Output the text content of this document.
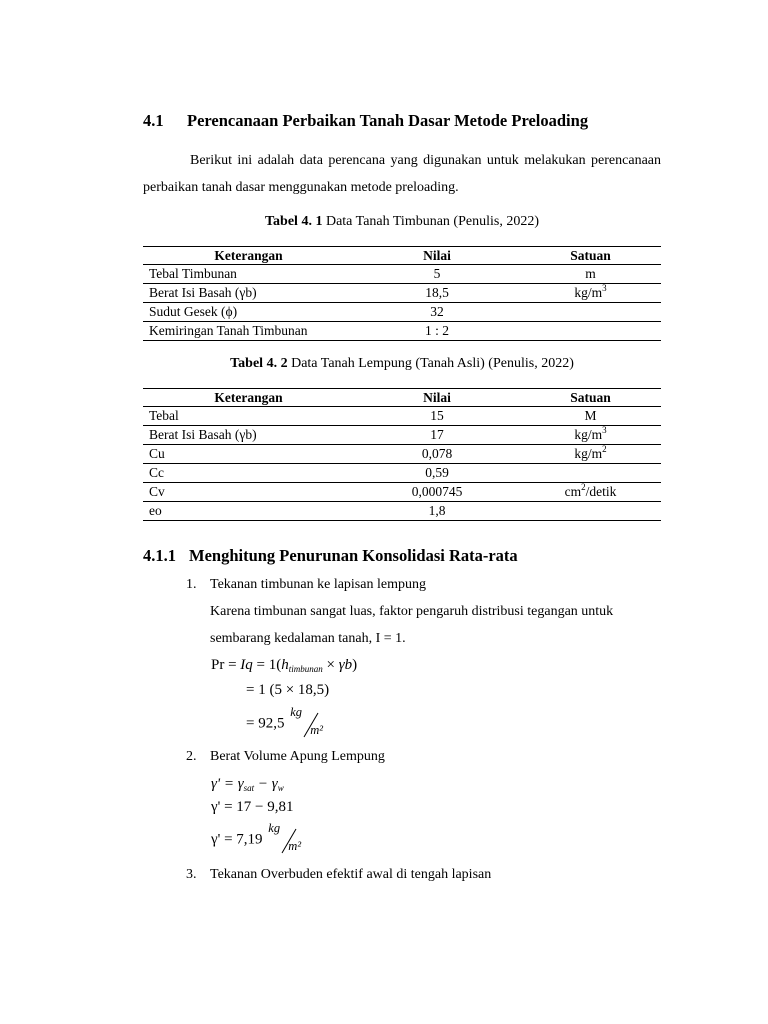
4.1 Perencanaan Perbaikan Tanah Dasar Metode Preloading
Berikut ini adalah data perencana yang digunakan untuk melakukan perencanaan perbaikan tanah dasar menggunakan metode preloading.
Tabel 4. 1 Data Tanah Timbunan (Penulis, 2022)
Keterangan	Nilai	Satuan
Tebal Timbunan	5	m
Berat Isi Basah (γb)	18,5	$kg/m^3$
Sudut Gesek (ϕ)	32	
Kemiringan Tanah Timbunan	1 : 2	
Tabel 4. 2 Data Tanah Lempung (Tanah Asli) (Penulis, 2022)
Keterangan	Nilai	Satuan
Tebal	15	M
Berat Isi Basah (γb)	17	$kg/m^3$
Cu	0,078	$kg/m^2$
Cc	0,59	
Cv	0,000745	$cm^2$/detik
eo	1,8	
4.1.1 Menghitung Penurunan Konsolidasi Rata-rata
1. Tekanan timbunan ke lapisan lempung
Karena timbunan sangat luas, faktor pengaruh distribusi tegangan untuk
sembarang kedalaman tanah, I = 1.
$Pr = Iq = 1(h_{timbunan} \times \gamma b)$
= 1 (5 × 18,5)
= 92,5
kg
m²
2. Berat Volume Apung Lempung
$\gamma' = \gamma_{sat} - \gamma_w$
γ' = 17 − 9,81
γ' = 7,19
kg
m²
3. Tekanan Overbuden efektif awal di tengah lapisan
